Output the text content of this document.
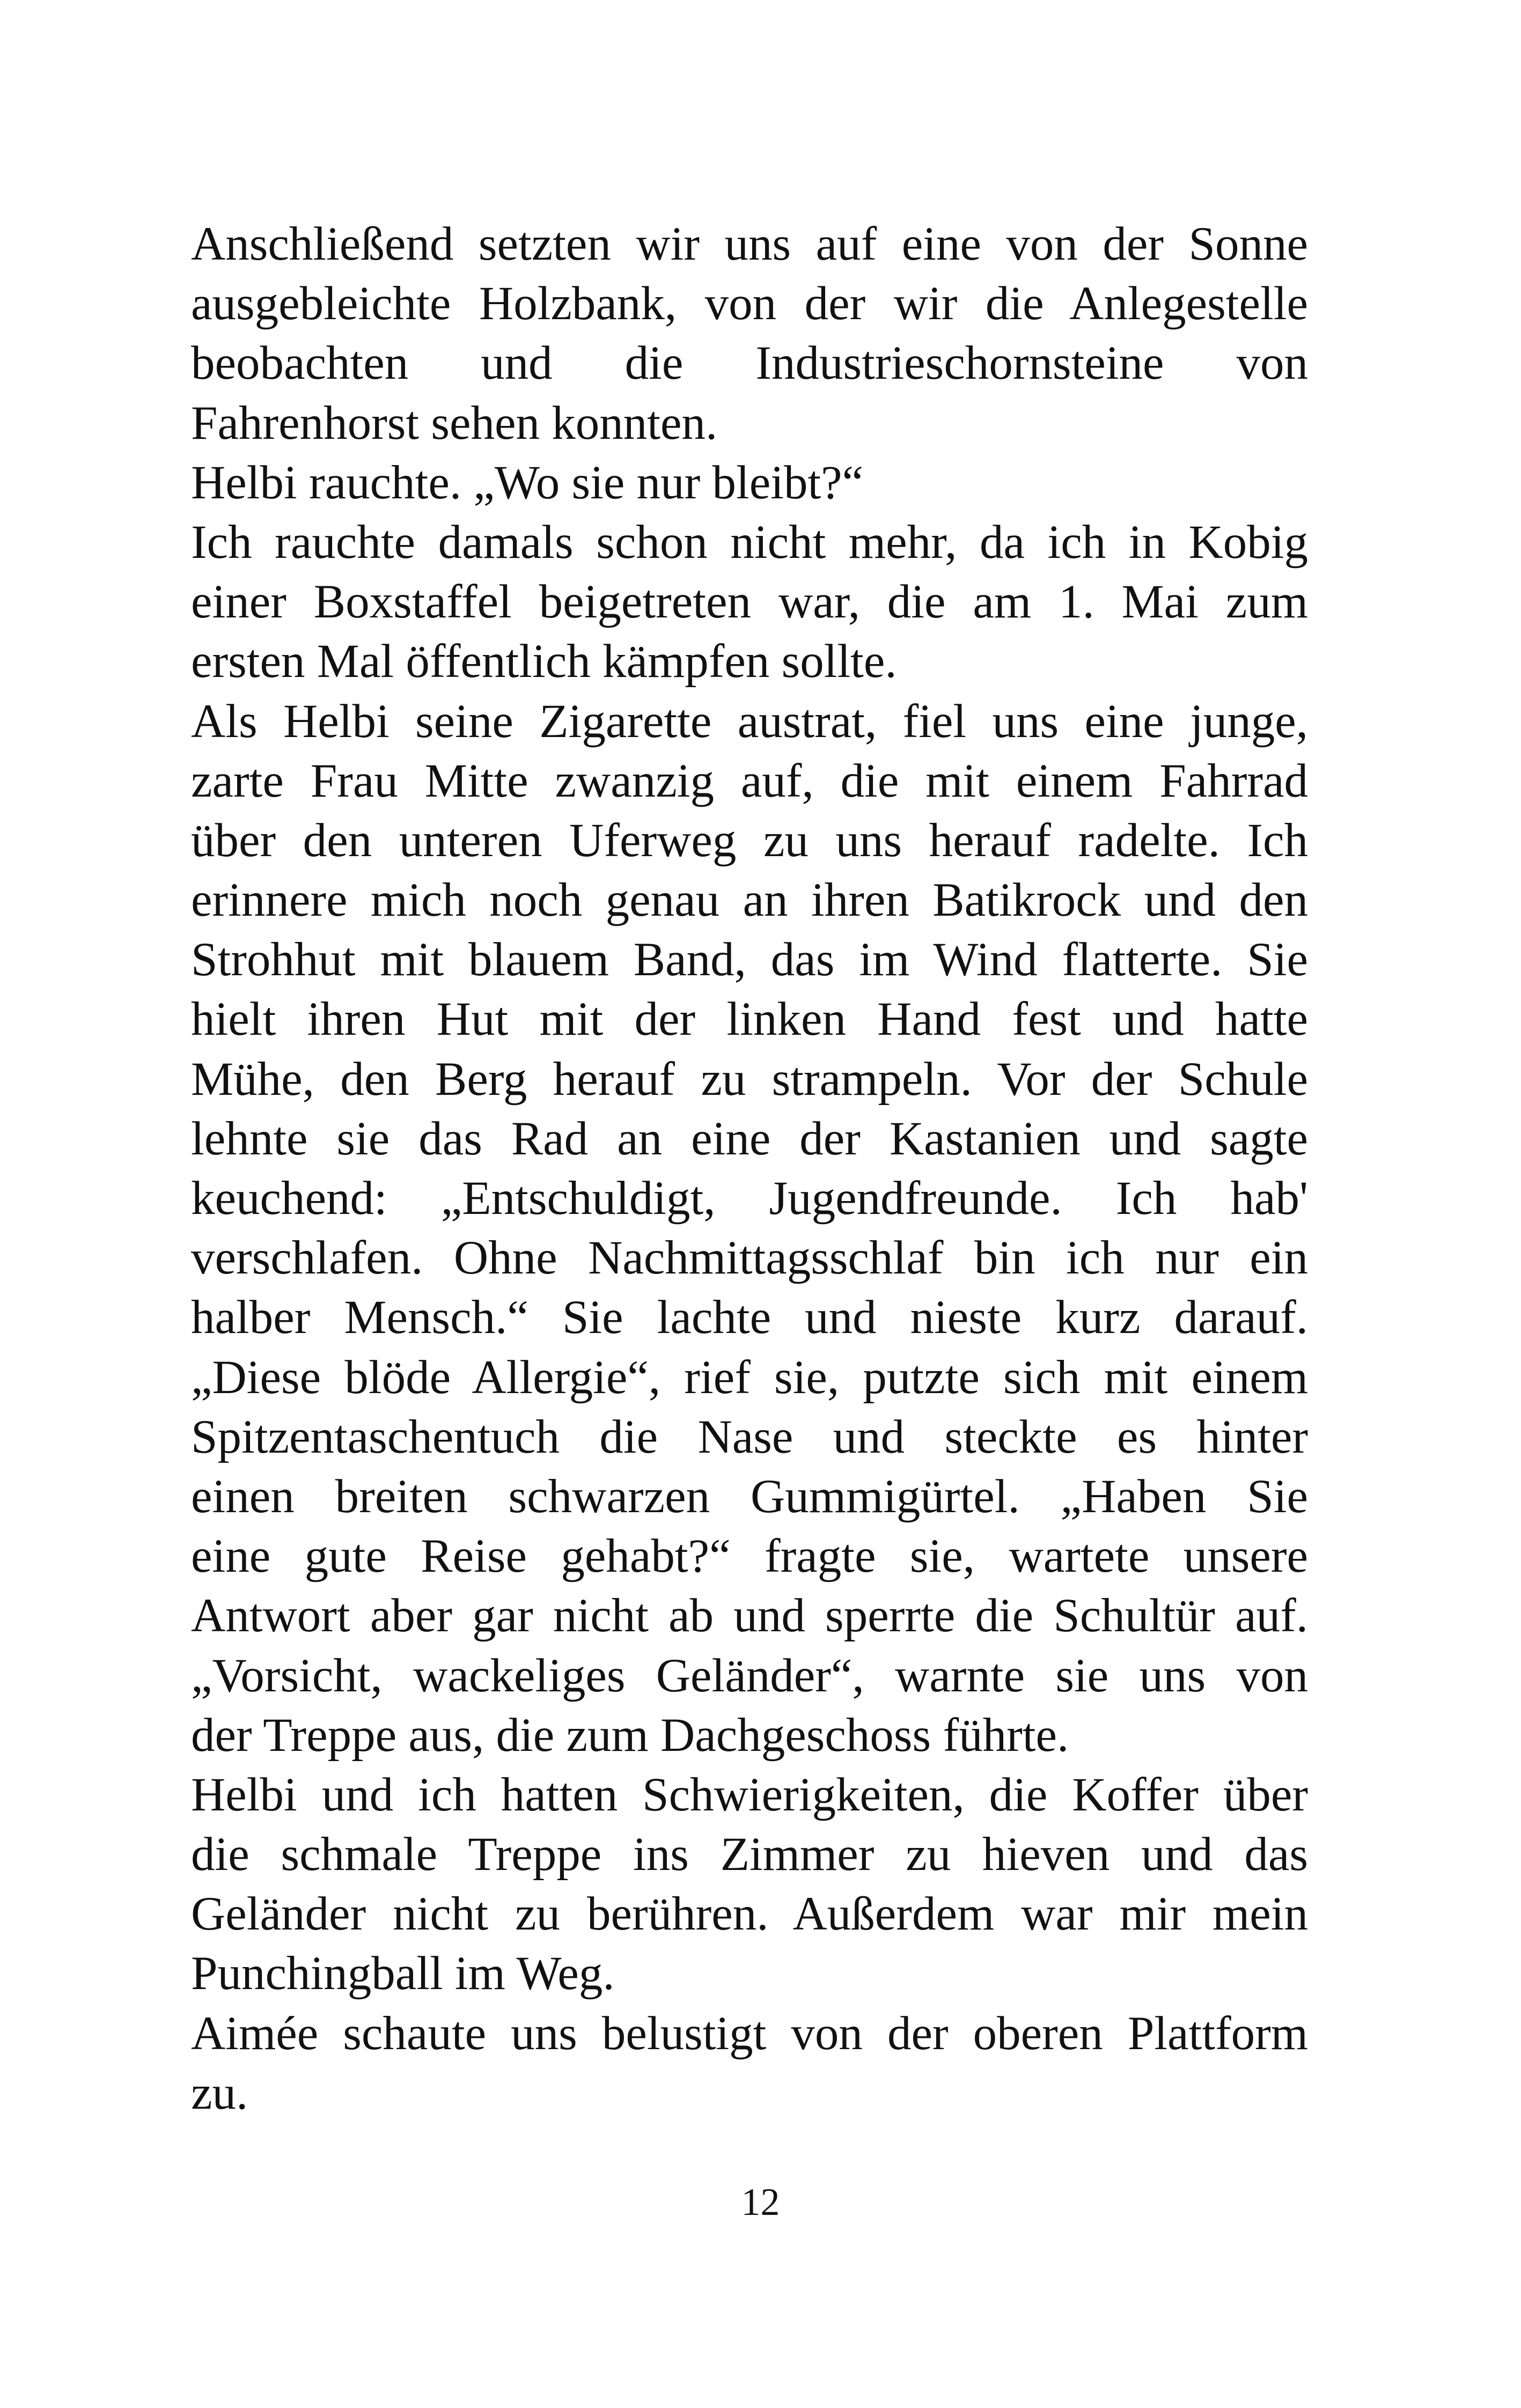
Anschließend setzten wir uns auf eine von der Sonne
ausgebleichte Holzbank, von der wir die Anlegestelle
beobachten und die Industrieschornsteine von
Fahrenhorst sehen konnten.
Helbi rauchte. „Wo sie nur bleibt?“
Ich rauchte damals schon nicht mehr, da ich in Kobig
einer Boxstaffel beigetreten war, die am 1. Mai zum
ersten Mal öffentlich kämpfen sollte.
Als Helbi seine Zigarette austrat, fiel uns eine junge,
zarte Frau Mitte zwanzig auf, die mit einem Fahrrad
über den unteren Uferweg zu uns herauf radelte. Ich
erinnere mich noch genau an ihren Batikrock und den
Strohhut mit blauem Band, das im Wind flatterte. Sie
hielt ihren Hut mit der linken Hand fest und hatte
Mühe, den Berg herauf zu strampeln. Vor der Schule
lehnte sie das Rad an eine der Kastanien und sagte
keuchend: „Entschuldigt, Jugendfreunde. Ich hab'
verschlafen. Ohne Nachmittagsschlaf bin ich nur ein
halber Mensch.“ Sie lachte und nieste kurz darauf.
„Diese blöde Allergie“, rief sie, putzte sich mit einem
Spitzentaschentuch die Nase und steckte es hinter
einen breiten schwarzen Gummigürtel. „Haben Sie
eine gute Reise gehabt?“ fragte sie, wartete unsere
Antwort aber gar nicht ab und sperrte die Schultür auf.
„Vorsicht, wackeliges Geländer“, warnte sie uns von
der Treppe aus, die zum Dachgeschoss führte.
Helbi und ich hatten Schwierigkeiten, die Koffer über
die schmale Treppe ins Zimmer zu hieven und das
Geländer nicht zu berühren. Außerdem war mir mein
Punchingball im Weg.
Aimée schaute uns belustigt von der oberen Plattform
zu.
12
